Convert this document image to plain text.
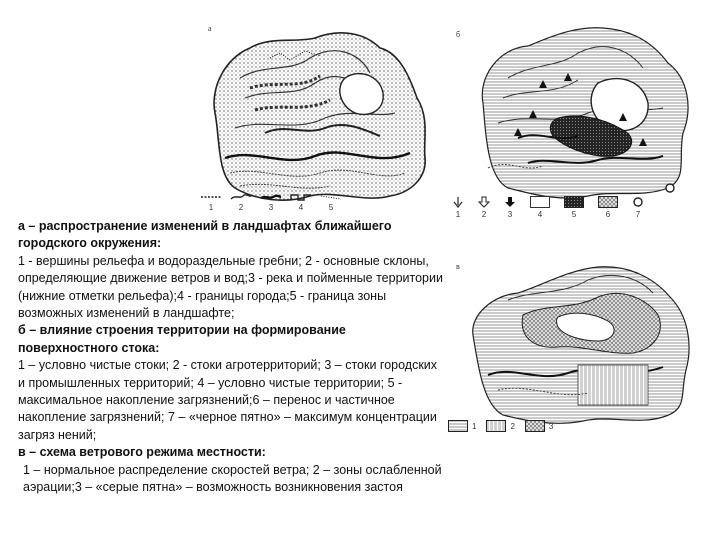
а
1	2	3	4	5
б
1	2	3	4	5	6	7
в
1	2	3

а – распространение изменений в ландшафтах ближайшего городского окружения:

1 - вершины рельефа и водораздельные гребни; 2 - основные склоны, определяющие движение ветров и вод;3 - река и пойменные территории (нижние отметки рельефа);4 - границы города;5 - граница зоны возможных изменений в ландшафте;

б – влияние строения территории на формирование поверхностного стока:

1 – условно чистые стоки; 2 - стоки агротерриторий; 3 – стоки городских и промышленных территорий; 4 – условно чистые территории; 5 - максимальное накопление загрязнений;6 – перенос и частичное накопление загрязнений; 7 – «черное пятно» – максимум концентрации загряз нений;

в – схема ветрового режима местности:

1 – нормальное распределение скоростей ветра; 2 – зоны ослабленной аэрации;3 – «серые пятна» – возможность возникновения застоя
